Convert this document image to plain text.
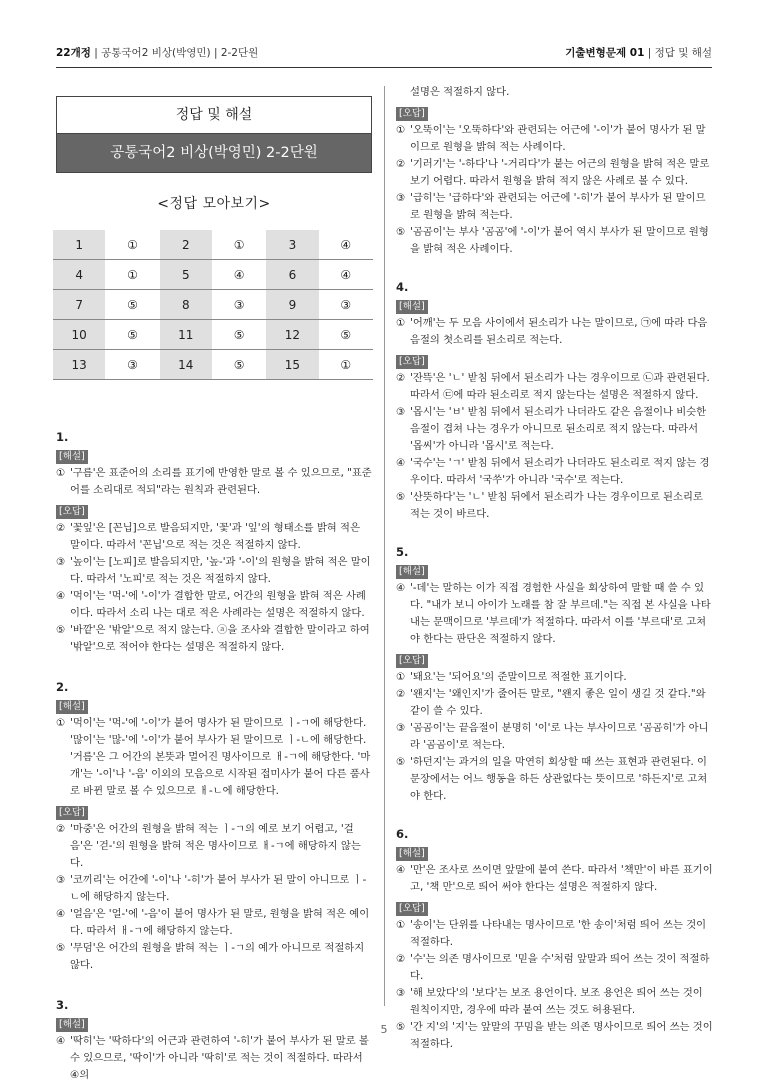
22개정 | 공통국어2 비상(박영민) | 2-2단원	기출변형문제 01 | 정답 및 해설
정답 및 해설
공통국어2 비상(박영민) 2-2단원
<정답 모아보기>
1	①	2	①	3	④
4	①	5	④	6	④
7	⑤	8	③	9	③
10	⑤	11	⑤	12	⑤
13	③	14	⑤	15	①
1.
[해설]
① '구름'은 표준어의 소리를 표기에 반영한 말로 볼 수 있으므로, "표준어를 소리대로 적되"라는 원칙과 관련된다.
[오답]
② '꽃잎'은 [꼰닙]으로 발음되지만, '꽃'과 '잎'의 형태소를 밝혀 적은 말이다. 따라서 '꼰닙'으로 적는 것은 적절하지 않다.
③ '높이'는 [노피]로 발음되지만, '높-'과 '-이'의 원형을 밝혀 적은 말이다. 따라서 '노피'로 적는 것은 적절하지 않다.
④ '먹이'는 '먹-'에 '-이'가 결합한 말로, 어간의 원형을 밝혀 적은 사례이다. 따라서 소리 나는 대로 적은 사례라는 설명은 적절하지 않다.
⑤ '바깥'은 '밖앝'으로 적지 않는다. ⓐ을 조사와 결합한 말이라고 하여 '밖앝'으로 적어야 한다는 설명은 적절하지 않다.
2.
[해설]
① '먹이'는 '먹-'에 '-이'가 붙어 명사가 된 말이므로 ㅣ-ㄱ에 해당한다. '많이'는 '많-'에 '-이'가 붙어 부사가 된 말이므로 ㅣ-ㄴ에 해당한다. '거름'은 그 어간의 본뜻과 멀어진 명사이므로 ㅐ-ㄱ에 해당한다. '마개'는 '-이'나 '-음' 이외의 모음으로 시작된 접미사가 붙어 다른 품사로 바뀐 말로 볼 수 있으므로 ㅐ-ㄴ에 해당한다.
[오답]
② '마중'은 어간의 원형을 밝혀 적는 ㅣ-ㄱ의 예로 보기 어렵고, '걸음'은 '걷-'의 원형을 밝혀 적은 명사이므로 ㅐ-ㄱ에 해당하지 않는다.
③ '코끼리'는 어간에 '-이'나 '-히'가 붙어 부사가 된 말이 아니므로 ㅣ-ㄴ에 해당하지 않는다.
④ '얼음'은 '얼-'에 '-음'이 붙어 명사가 된 말로, 원형을 밝혀 적은 예이다. 따라서 ㅐ-ㄱ에 해당하지 않는다.
⑤ '무덤'은 어간의 원형을 밝혀 적는 ㅣ-ㄱ의 예가 아니므로 적절하지 않다.
3.
[해설]
④ '딱히'는 '딱하다'의 어근과 관련하여 '-히'가 붙어 부사가 된 말로 볼 수 있으므로, '딱이'가 아니라 '딱히'로 적는 것이 적절하다. 따라서 ④의
설명은 적절하지 않다.
[오답]
① '오뚝이'는 '오뚝하다'와 관련되는 어근에 '-이'가 붙어 명사가 된 말이므로 원형을 밝혀 적는 사례이다.
② '기러기'는 '-하다'나 '-거리다'가 붙는 어근의 원형을 밝혀 적은 말로 보기 어렵다. 따라서 원형을 밝혀 적지 않은 사례로 볼 수 있다.
③ '급히'는 '급하다'와 관련되는 어근에 '-히'가 붙어 부사가 된 말이므로 원형을 밝혀 적는다.
⑤ '곰곰이'는 부사 '곰곰'에 '-이'가 붙어 역시 부사가 된 말이므로 원형을 밝혀 적은 사례이다.
4.
[해설]
① '어깨'는 두 모음 사이에서 된소리가 나는 말이므로, ㉠에 따라 다음 음절의 첫소리를 된소리로 적는다.
[오답]
② '잔뜩'은 'ㄴ' 받침 뒤에서 된소리가 나는 경우이므로 ㉡과 관련된다. 따라서 ㉢에 따라 된소리로 적지 않는다는 설명은 적절하지 않다.
③ '몹시'는 'ㅂ' 받침 뒤에서 된소리가 나더라도 같은 음절이나 비슷한 음절이 겹쳐 나는 경우가 아니므로 된소리로 적지 않는다. 따라서 '몹씨'가 아니라 '몹시'로 적는다.
④ '국수'는 'ㄱ' 받침 뒤에서 된소리가 나더라도 된소리로 적지 않는 경우이다. 따라서 '국쑤'가 아니라 '국수'로 적는다.
⑤ '산뜻하다'는 'ㄴ' 받침 뒤에서 된소리가 나는 경우이므로 된소리로 적는 것이 바르다.
5.
[해설]
④ '-데'는 말하는 이가 직접 경험한 사실을 회상하여 말할 때 쓸 수 있다. "내가 보니 아이가 노래를 참 잘 부르데."는 직접 본 사실을 나타내는 문맥이므로 '부르데'가 적절하다. 따라서 이를 '부르대'로 고쳐야 한다는 판단은 적절하지 않다.
[오답]
① '돼요'는 '되어요'의 준말이므로 적절한 표기이다.
② '왠지'는 '왜인지'가 줄어든 말로, "왠지 좋은 일이 생길 것 같다."와 같이 쓸 수 있다.
③ '곰곰이'는 끝음절이 분명히 '이'로 나는 부사이므로 '곰곰히'가 아니라 '곰곰이'로 적는다.
⑤ '하던지'는 과거의 일을 막연히 회상할 때 쓰는 표현과 관련된다. 이 문장에서는 어느 행동을 하든 상관없다는 뜻이므로 '하든지'로 고쳐야 한다.
6.
[해설]
④ '만'은 조사로 쓰이면 앞말에 붙여 쓴다. 따라서 '책만'이 바른 표기이고, '책 만'으로 띄어 써야 한다는 설명은 적절하지 않다.
[오답]
① '송이'는 단위를 나타내는 명사이므로 '한 송이'처럼 띄어 쓰는 것이 적절하다.
② '수'는 의존 명사이므로 '믿을 수'처럼 앞말과 띄어 쓰는 것이 적절하다.
③ '해 보았다'의 '보다'는 보조 용언이다. 보조 용언은 띄어 쓰는 것이 원칙이지만, 경우에 따라 붙여 쓰는 것도 허용된다.
⑤ '간 지'의 '지'는 앞말의 꾸밈을 받는 의존 명사이므로 띄어 쓰는 것이 적절하다.
5
